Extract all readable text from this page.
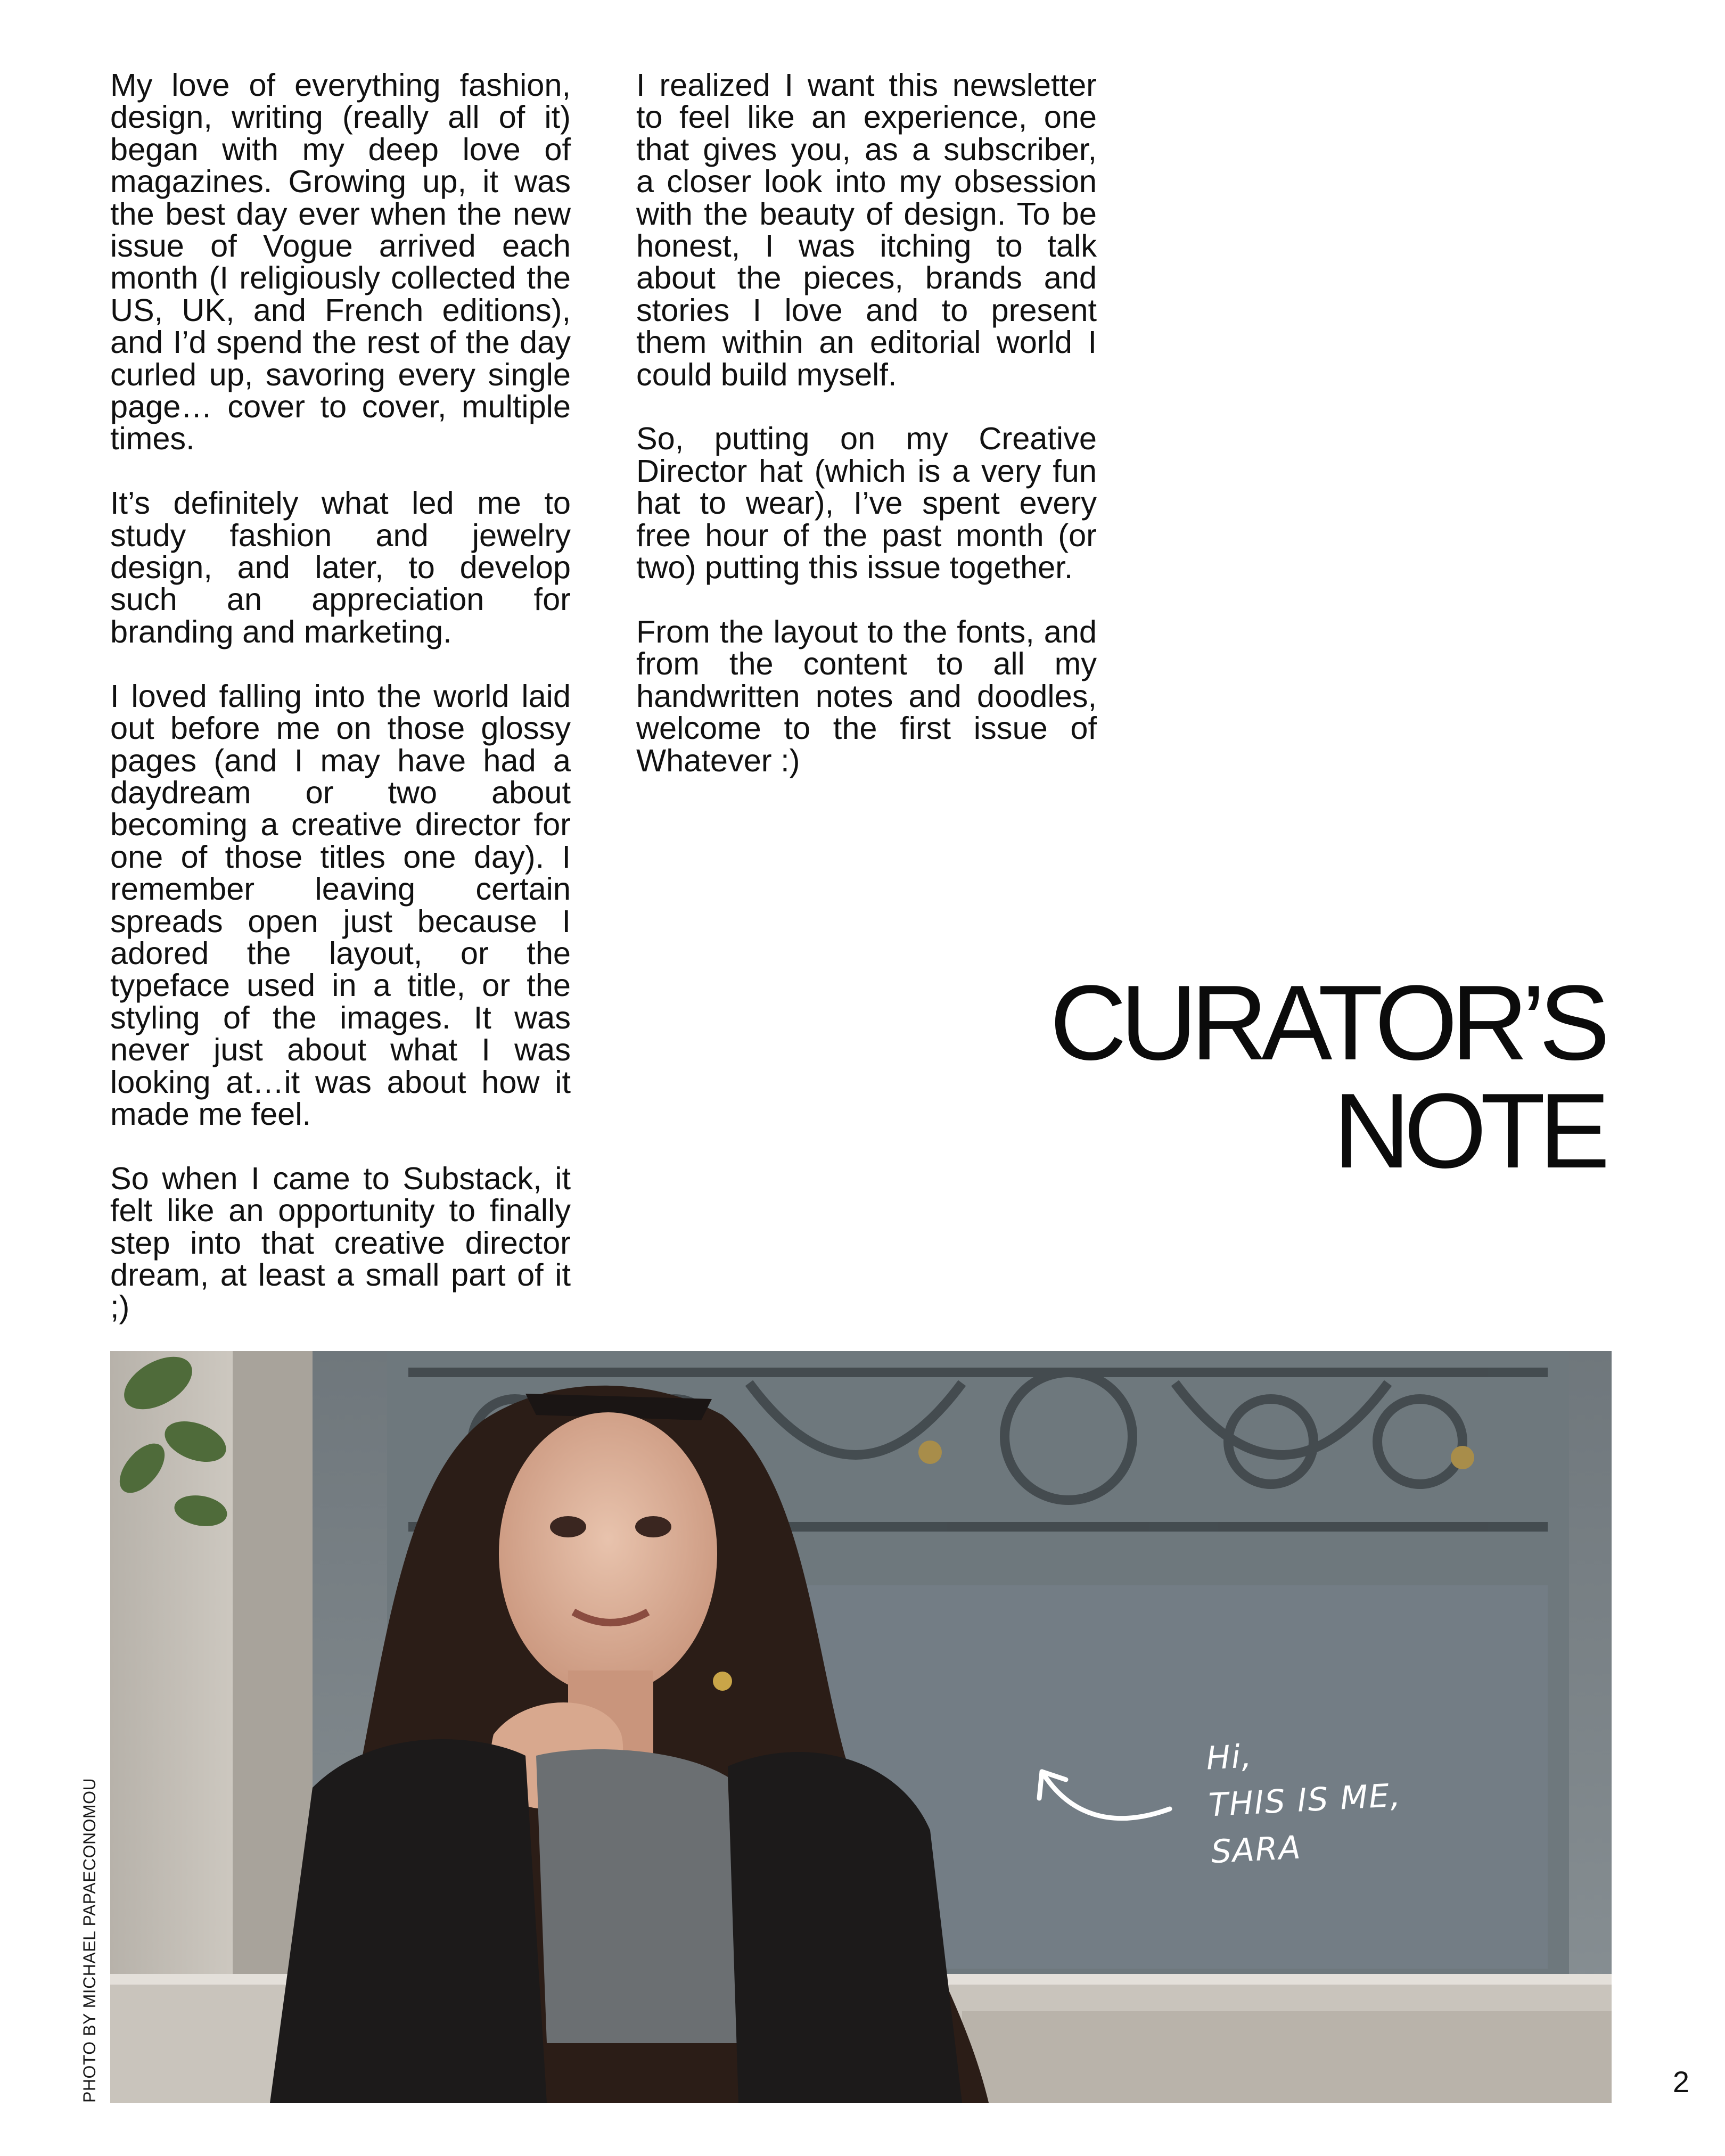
My love of everything fashion, design, writing (really all of it) began with my deep love of magazines. Growing up, it was the best day ever when the new issue of Vogue arrived each month (I religiously collected the US, UK, and French editions), and I’d spend the rest of the day curled up, savoring every single page… cover to cover, multiple times.

It’s definitely what led me to study fashion and jewelry design, and later, to develop such an appreciation for branding and marketing.

I loved falling into the world laid out before me on those glossy pages (and I may have had a daydream or two about becoming a creative director for one of those titles one day). I remember leaving certain spreads open just because I adored the layout, or the typeface used in a title, or the styling of the images. It was never just about what I was looking at…it was about how it made me feel.

So when I came to Substack, it felt like an opportunity to finally step into that creative director dream, at least a small part of it ;)

I realized I want this newsletter to feel like an experience, one that gives you, as a subscriber, a closer look into my obsession with the beauty of design. To be honest, I was itching to talk about the pieces, brands and stories I love and to present them within an editorial world I could build myself.

So, putting on my Creative Director hat (which is a very fun hat to wear), I’ve spent every free hour of the past month (or two) putting this issue together.

From the layout to the fonts, and from the content to all my handwritten notes and doodles, welcome to the first issue of Whatever :)

CURATOR’S
NOTE
Hi,
THIS IS ME,
SARA
PHOTO BY MICHAEL PAPAECONOMOU	2
